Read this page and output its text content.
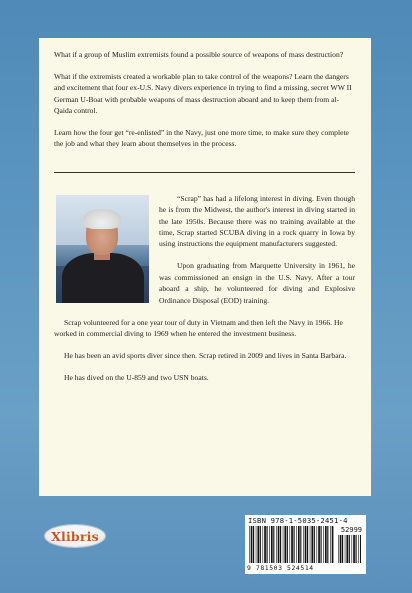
What if a group of Muslim extremists found a possible source of weapons of mass destruction?

What if the extremists created a workable plan to take control of the weapons? Learn the dangers and excitement that four ex-U.S. Navy divers experience in trying to find a missing, secret WW II German U-Boat with probable weapons of mass destruction aboard and to keep them from al-Qaida control.

Learn how the four get “re-enlisted” in the Navy, just one more time, to make sure they complete the job and what they learn about themselves in the process.

“Scrap” has had a lifelong interest in diving. Even though he is from the Midwest, the author's interest in diving started in the late 1950s. Because there was no training available at the time, Scrap started SCUBA diving in a rock quarry in Iowa by using instructions the equipment manufacturers suggested.

Upon graduating from Marquette University in 1961, he was commissioned an ensign in the U.S. Navy. After a tour aboard a ship, he volunteered for diving and Explosive Ordinance Disposal (EOD) training.

Scrap volunteered for a one year tour of duty in Vietnam and then left the Navy in 1966. He worked in commercial diving to 1969 when he entered the investment business.

He has been an avid sports diver since then. Scrap retired in 2009 and lives in Santa Barbara.

He has dived on the U-859 and two USN boats.

Xlibris
ISBN 978-1-5035-2451-4
52999
9 781503 524514
